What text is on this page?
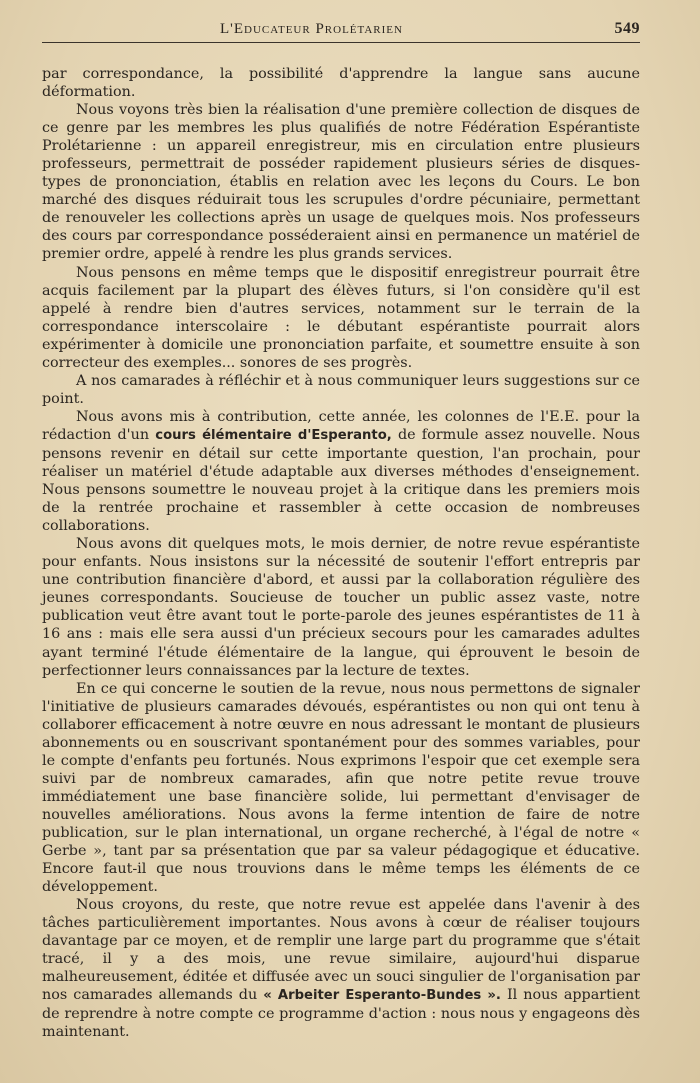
L'Educateur Prolétarien	549

par correspondance, la possibilité d'apprendre la langue sans aucune déformation.

Nous voyons très bien la réalisation d'une première collection de disques de ce genre par les membres les plus qualifiés de notre Fédération Espérantiste Prolétarienne : un appareil enregistreur, mis en circulation entre plusieurs professeurs, permettrait de posséder rapidement plusieurs séries de disques-types de prononciation, établis en relation avec les leçons du Cours. Le bon marché des disques réduirait tous les scrupules d'ordre pécuniaire, permettant de renouveler les collections après un usage de quelques mois. Nos professeurs des cours par correspondance posséderaient ainsi en permanence un matériel de premier ordre, appelé à rendre les plus grands services.

Nous pensons en même temps que le dispositif enregistreur pourrait être acquis facilement par la plupart des élèves futurs, si l'on considère qu'il est appelé à rendre bien d'autres services, notamment sur le terrain de la correspondance interscolaire : le débutant espérantiste pourrait alors expérimenter à domicile une prononciation parfaite, et soumettre ensuite à son correcteur des exemples... sonores de ses progrès.

A nos camarades à réfléchir et à nous communiquer leurs suggestions sur ce point.

Nous avons mis à contribution, cette année, les colonnes de l'E.E. pour la rédaction d'un cours élémentaire d'Esperanto, de formule assez nouvelle. Nous pensons revenir en détail sur cette importante question, l'an prochain, pour réaliser un matériel d'étude adaptable aux diverses méthodes d'enseignement. Nous pensons soumettre le nouveau projet à la critique dans les premiers mois de la rentrée prochaine et rassembler à cette occasion de nombreuses collaborations.

Nous avons dit quelques mots, le mois dernier, de notre revue espérantiste pour enfants. Nous insistons sur la nécessité de soutenir l'effort entrepris par une contribution financière d'abord, et aussi par la collaboration régulière des jeunes correspondants. Soucieuse de toucher un public assez vaste, notre publication veut être avant tout le porte-parole des jeunes espérantistes de 11 à 16 ans : mais elle sera aussi d'un précieux secours pour les camarades adultes ayant terminé l'étude élémentaire de la langue, qui éprouvent le besoin de perfectionner leurs connaissances par la lecture de textes.

En ce qui concerne le soutien de la revue, nous nous permettons de signaler l'initiative de plusieurs camarades dévoués, espérantistes ou non qui ont tenu à collaborer efficacement à notre œuvre en nous adressant le montant de plusieurs abonnements ou en souscrivant spontanément pour des sommes variables, pour le compte d'enfants peu fortunés. Nous exprimons l'espoir que cet exemple sera suivi par de nombreux camarades, afin que notre petite revue trouve immédiatement une base financière solide, lui permettant d'envisager de nouvelles améliorations. Nous avons la ferme intention de faire de notre publication, sur le plan international, un organe recherché, à l'égal de notre « Gerbe », tant par sa présentation que par sa valeur pédagogique et éducative. Encore faut-il que nous trouvions dans le même temps les éléments de ce développement.

Nous croyons, du reste, que notre revue est appelée dans l'avenir à des tâches particulièrement importantes. Nous avons à cœur de réaliser toujours davantage par ce moyen, et de remplir une large part du programme que s'était tracé, il y a des mois, une revue similaire, aujourd'hui disparue malheureusement, éditée et diffusée avec un souci singulier de l'organisation par nos camarades allemands du « Arbeiter Esperanto-Bundes ». Il nous appartient de reprendre à notre compte ce programme d'action : nous nous y engageons dès maintenant.
